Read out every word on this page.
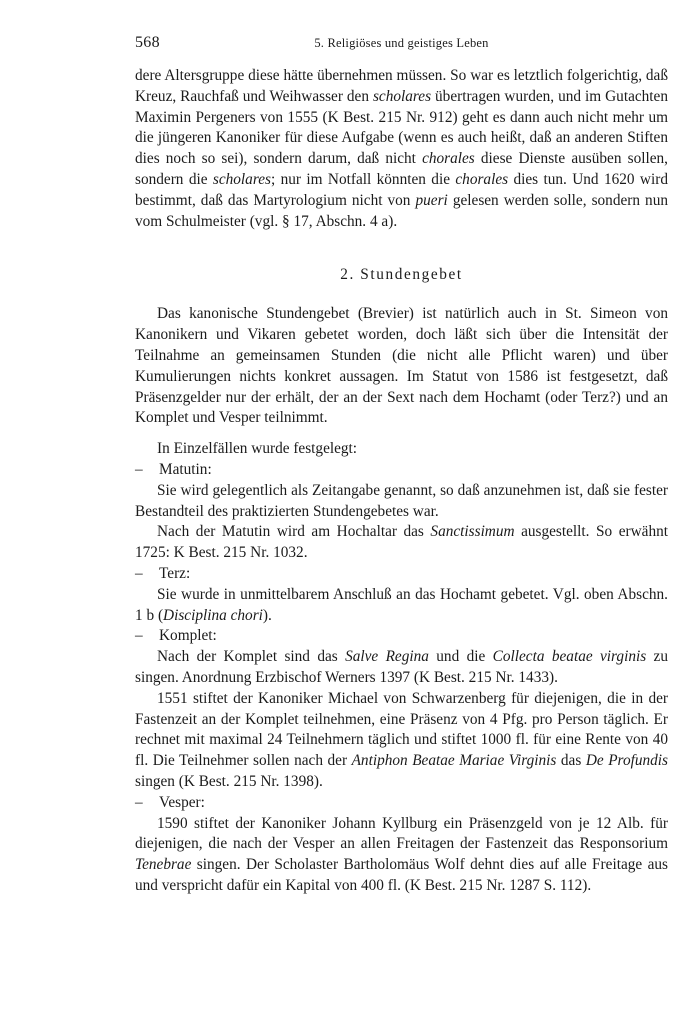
568	5. Religiöses und geistiges Leben

dere Altersgruppe diese hätte übernehmen müssen. So war es letztlich folgerichtig, daß Kreuz, Rauchfaß und Weihwasser den scholares übertragen wurden, und im Gutachten Maximin Pergeners von 1555 (K Best. 215 Nr. 912) geht es dann auch nicht mehr um die jüngeren Kanoniker für diese Aufgabe (wenn es auch heißt, daß an anderen Stiften dies noch so sei), sondern darum, daß nicht chorales diese Dienste ausüben sollen, sondern die scholares; nur im Notfall könnten die chorales dies tun. Und 1620 wird bestimmt, daß das Martyrologium nicht von pueri gelesen werden solle, sondern nun vom Schulmeister (vgl. § 17, Abschn. 4 a).

2. Stundengebet

Das kanonische Stundengebet (Brevier) ist natürlich auch in St. Simeon von Kanonikern und Vikaren gebetet worden, doch läßt sich über die Intensität der Teilnahme an gemeinsamen Stunden (die nicht alle Pflicht waren) und über Kumulierungen nichts konkret aussagen. Im Statut von 1586 ist festgesetzt, daß Präsenzgelder nur der erhält, der an der Sext nach dem Hochamt (oder Terz?) und an Komplet und Vesper teilnimmt.

In Einzelfällen wurde festgelegt:

–	Matutin:

Sie wird gelegentlich als Zeitangabe genannt, so daß anzunehmen ist, daß sie fester Bestandteil des praktizierten Stundengebetes war.

Nach der Matutin wird am Hochaltar das Sanctissimum ausgestellt. So erwähnt 1725: K Best. 215 Nr. 1032.

–	Terz:

Sie wurde in unmittelbarem Anschluß an das Hochamt gebetet. Vgl. oben Abschn. 1 b (Disciplina chori).

–	Komplet:

Nach der Komplet sind das Salve Regina und die Collecta beatae virginis zu singen. Anordnung Erzbischof Werners 1397 (K Best. 215 Nr. 1433).

1551 stiftet der Kanoniker Michael von Schwarzenberg für diejenigen, die in der Fastenzeit an der Komplet teilnehmen, eine Präsenz von 4 Pfg. pro Person täglich. Er rechnet mit maximal 24 Teilnehmern täglich und stiftet 1000 fl. für eine Rente von 40 fl. Die Teilnehmer sollen nach der Antiphon Beatae Mariae Virginis das De Profundis singen (K Best. 215 Nr. 1398).

–	Vesper:

1590 stiftet der Kanoniker Johann Kyllburg ein Präsenzgeld von je 12 Alb. für diejenigen, die nach der Vesper an allen Freitagen der Fastenzeit das Responsorium Tenebrae singen. Der Scholaster Bartholomäus Wolf dehnt dies auf alle Freitage aus und verspricht dafür ein Kapital von 400 fl. (K Best. 215 Nr. 1287 S. 112).
